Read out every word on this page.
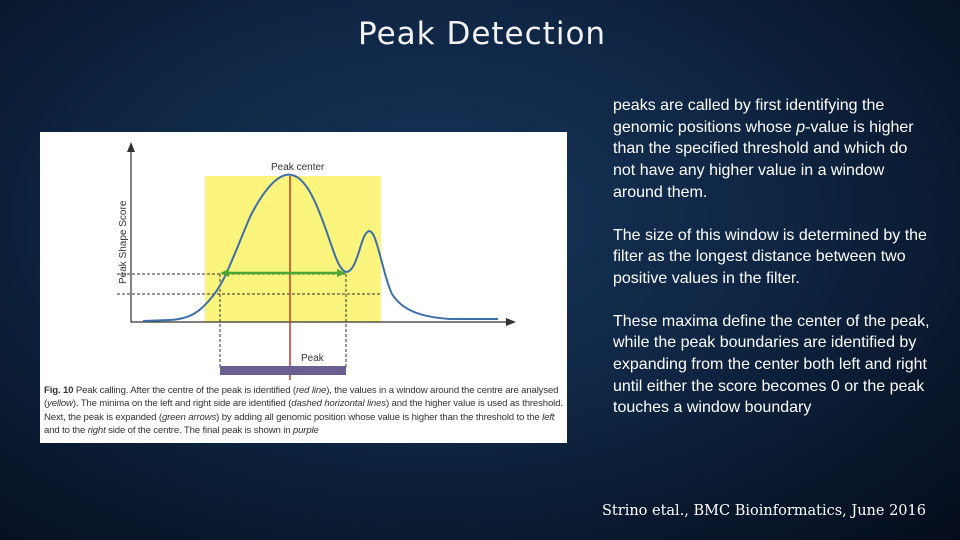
Peak Detection
Peak Shape Score
Peak center
Peak
Fig. 10 Peak calling. After the centre of the peak is identified (red line), the values in a window around the centre are analysed (yellow). The minima on the left and right side are identified (dashed horizontal lines) and the higher value is used as threshold. Next, the peak is expanded (green arrows) by adding all genomic position whose value is higher than the threshold to the left and to the right side of the centre. The final peak is shown in purple

peaks are called by first identifying the genomic positions whose p-value is higher than the specified threshold and which do not have any higher value in a window around them.

The size of this window is determined by the filter as the longest distance between two positive values in the filter.

These maxima define the center of the peak, while the peak boundaries are identified by expanding from the center both left and right until either the score becomes 0 or the peak touches a window boundary

Strino etal., BMC Bioinformatics, June 2016
